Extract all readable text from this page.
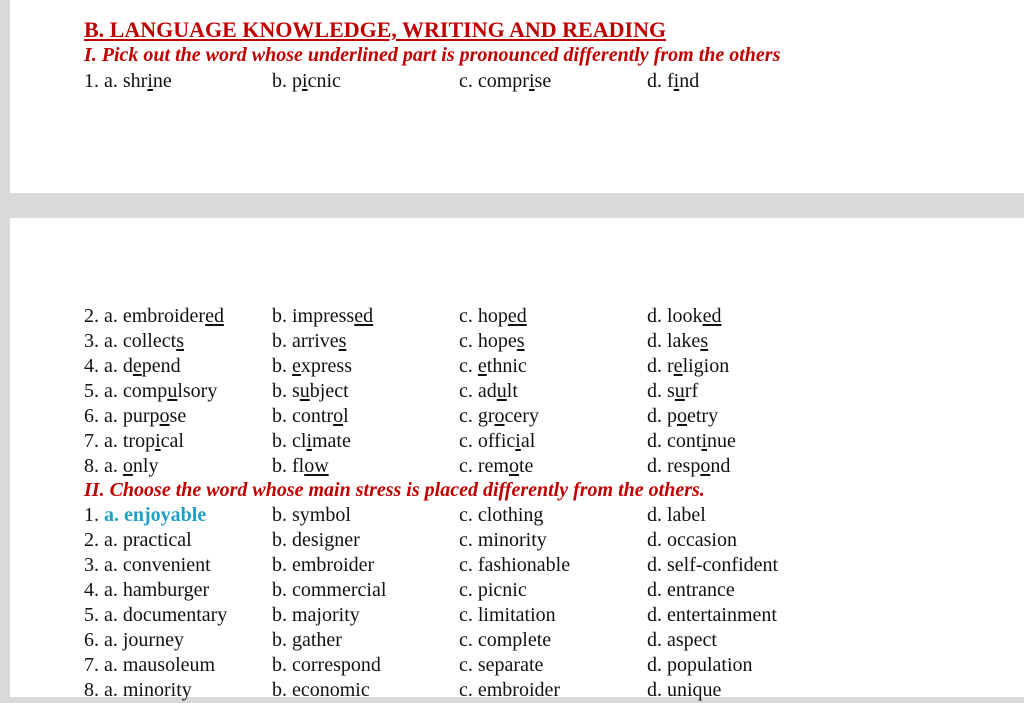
B. LANGUAGE KNOWLEDGE, WRITING AND READING
I. Pick out the word whose underlined part is pronounced differently from the others
1. a. shrine	b. picnic	c. comprise	d. find
2. a. embroidered b. impressed	c. hoped	d. looked
3. a. collects	b. arrives	c. hopes	d. lakes
4. a. depend	b. express	c. ethnic	d. religion
5. a. compulsory	b. subject	c. adult	d. surf
6. a. purpose	b. control	c. grocery	d. poetry
7. a. tropical	b. climate	c. official	d. continue
8. a. only	b. flow	c. remote	d. respond
II. Choose the word whose main stress is placed differently from the others.
1. a. enjoyable	b. symbol	c. clothing	d. label
2. a. practical	b. designer	c. minority	d. occasion
3. a. convenient	b. embroider	c. fashionable	d. self-confident
4. a. hamburger	b. commercial	c. picnic	d. entrance
5. a. documentary b. majority	c. limitation	d. entertainment
6. a. journey	b. gather	c. complete	d. aspect
7. a. mausoleum	b. correspond	c. separate	d. population
8. a. minority	b. economic	c. embroider	d. unique
